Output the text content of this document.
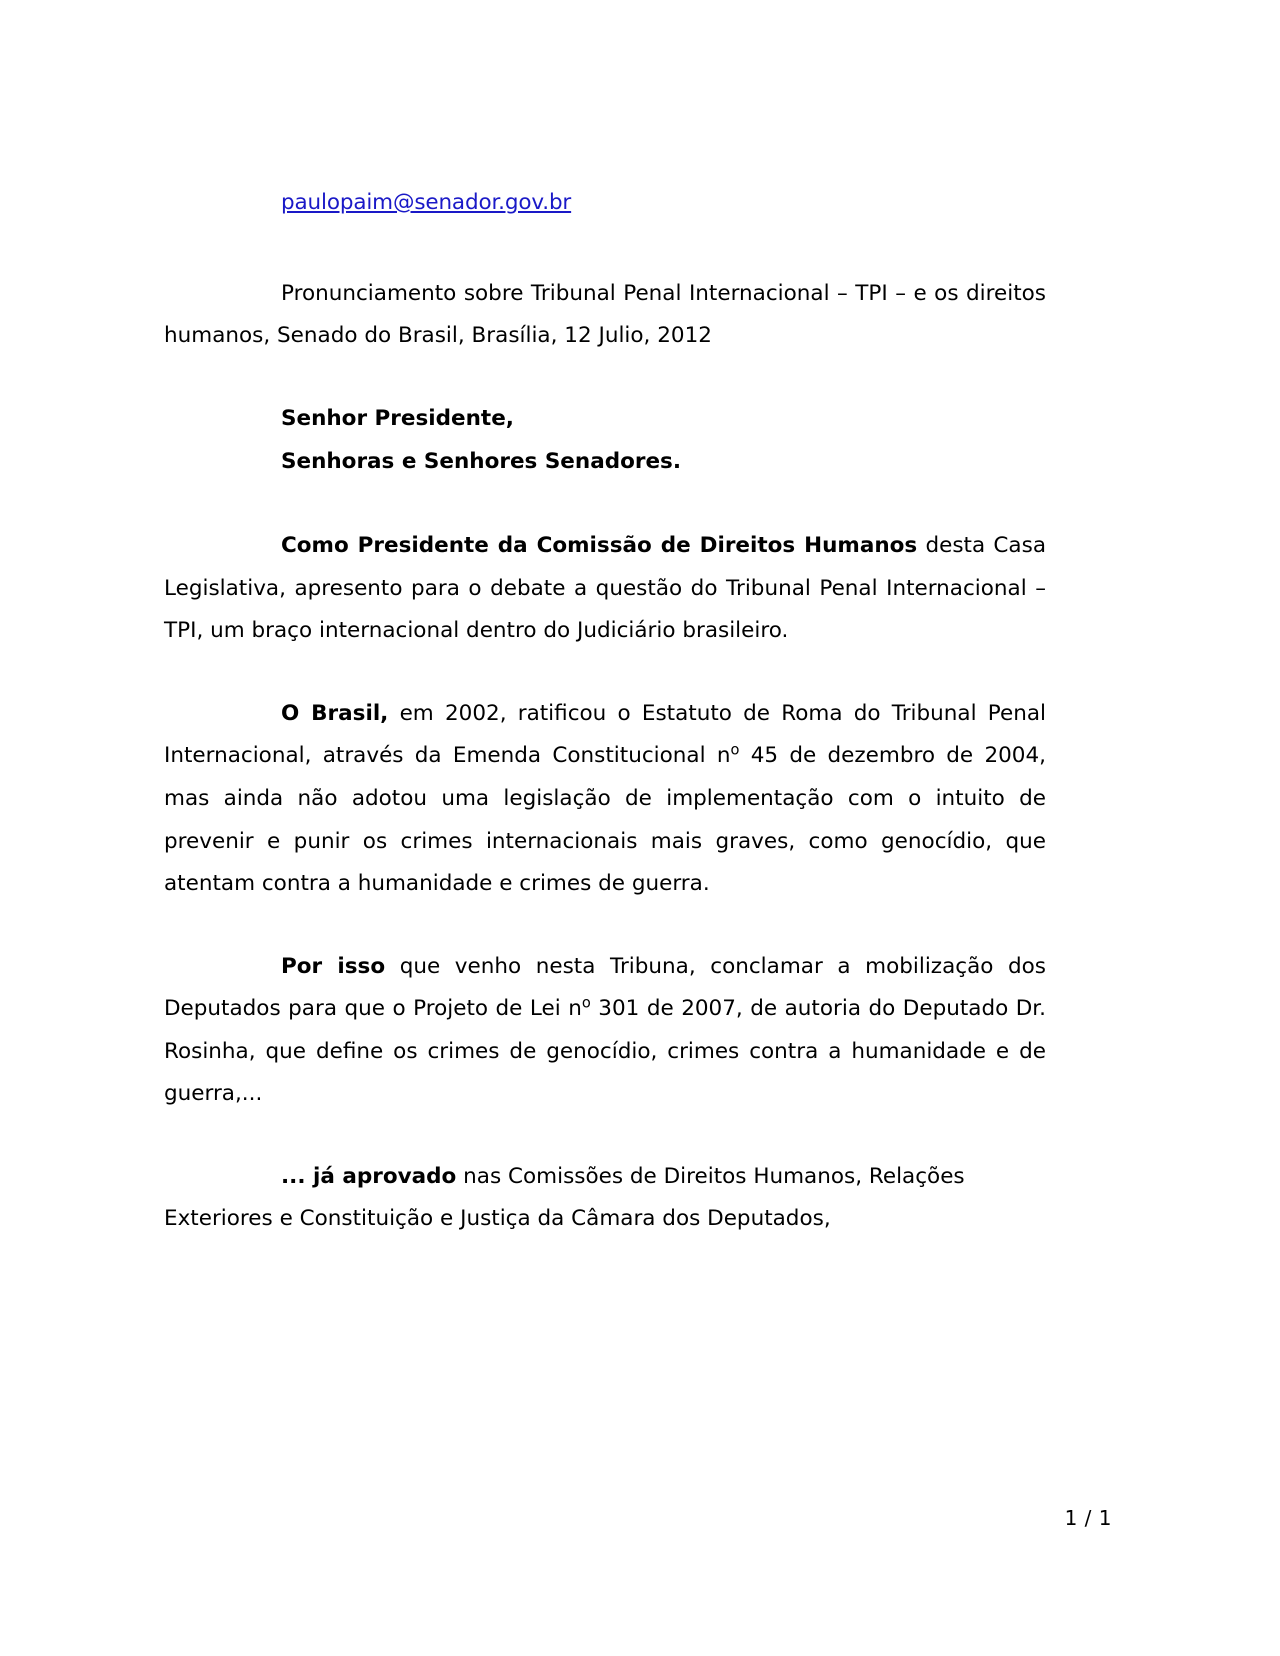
paulopaim@senador.gov.br

Pronunciamento sobre Tribunal Penal Internacional – TPI – e os direitos humanos, Senado do Brasil, Brasília, 12 Julio, 2012

Senhor Presidente,
Senhoras e Senhores Senadores.

Como Presidente da Comissão de Direitos Humanos desta Casa Legislativa, apresento para o debate a questão do Tribunal Penal Internacional – TPI, um braço internacional dentro do Judiciário brasileiro.

O Brasil, em 2002, ratificou o Estatuto de Roma do Tribunal Penal Internacional, através da Emenda Constitucional $n^o$ 45 de dezembro de 2004, mas ainda não adotou uma legislação de implementação com o intuito de prevenir e punir os crimes internacionais mais graves, como genocídio, que atentam contra a humanidade e crimes de guerra.

Por isso que venho nesta Tribuna, conclamar a mobilização dos Deputados para que o Projeto de Lei $n^o$ 301 de 2007, de autoria do Deputado Dr. Rosinha, que define os crimes de genocídio, crimes contra a humanidade e de guerra,...

... já aprovado nas Comissões de Direitos Humanos, Relações Exteriores e Constituição e Justiça da Câmara dos Deputados,

1 / 1
